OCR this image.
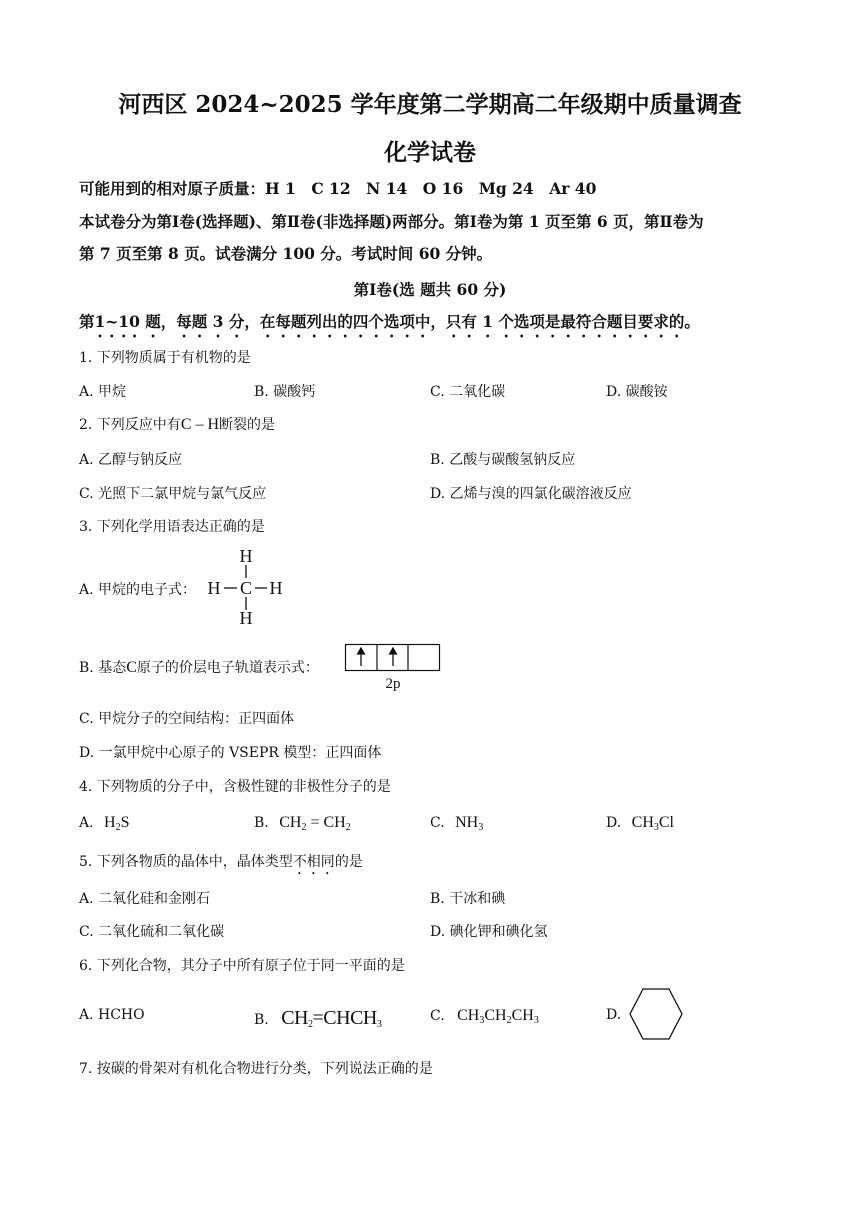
河西区 2024~2025 学年度第二学期高二年级期中质量调查
化学试卷
可能用到的相对原子质量：H 1　C 12　N 14　O 16　Mg 24　Ar 40
本试卷分为第Ⅰ卷(选择题)、第Ⅱ卷(非选择题)两部分。第Ⅰ卷为第 1 页至第 6 页，第Ⅱ卷为
第 7 页至第 8 页。试卷满分 100 分。考试时间 60 分钟。
第Ⅰ卷(选 题共 60 分)
第1~10 题，每题 3 分，在每题列出的四个选项中，只有 1 个选项是最符合题目要求的。
1. 下列物质属于有机物的是
A. 甲烷	B. 碳酸钙	C. 二氧化碳	D. 碳酸铵
2. 下列反应中有C – H断裂的是
A. 乙醇与钠反应	B. 乙酸与碳酸氢钠反应
C. 光照下二氯甲烷与氯气反应	D. 乙烯与溴的四氯化碳溶液反应
3. 下列化学用语表达正确的是
A. 甲烷的电子式：
H
H C H
H
B. 基态C原子的价层电子轨道表示式：
2p
C. 甲烷分子的空间结构：正四面体
D. 一氯甲烷中心原子的 VSEPR 模型：正四面体
4. 下列物质的分子中，含极性键的非极性分子的是
A. $H_2S$	B. $CH_2 = CH_2$	C. $NH_3$	D. $CH_3Cl$
5. 下列各物质的晶体中，晶体类型不相同的是
A. 二氧化硅和金刚石	B. 干冰和碘
C. 二氧化硫和二氧化碳	D. 碘化钾和碘化氢
6. 下列化合物，其分子中所有原子位于同一平面的是
A. HCHO	B. $CH_2=CHCH_3$
C. $CH_3CH_2CH_3$	D.
7. 按碳的骨架对有机化合物进行分类，下列说法正确的是
